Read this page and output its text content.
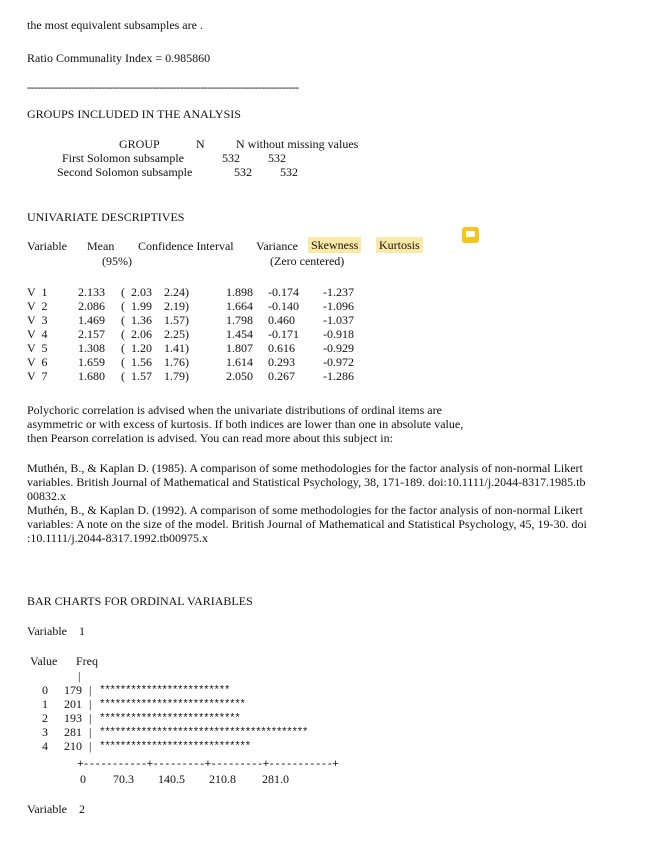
the most equivalent subsamples are .
Ratio Communality Index = 0.985860
--------------------------------------------------------------------------------
GROUPS INCLUDED IN THE ANALYSIS
GROUP	N	N without missing values
First Solomon subsample	532 532
Second Solomon subsample	532 532
UNIVARIATE DESCRIPTIVES
Variable Mean Confidence Interval
(95%)
Variance Skewness Kurtosis
(Zero centered)
V  1	2.133 (  2.03    2.24)	1.898 -0.174 -1.237
V  2	2.086 (  1.99    2.19)	1.664 -0.140 -1.096
V  3	1.469 (  1.36    1.57)	1.798 0.460 -1.037
V  4	2.157 (  2.06    2.25)	1.454 -0.171 -0.918
V  5	1.308 (  1.20    1.41)	1.807 0.616 -0.929
V  6	1.659 (  1.56    1.76)	1.614 0.293 -0.972
V  7	1.680 (  1.57    1.79)	2.050 0.267 -1.286
Polychoric correlation is advised when the univariate distributions of ordinal items are
asymmetric or with excess of kurtosis. If both indices are lower than one in absolute value,
then Pearson correlation is advised. You can read more about this subject in:
Muthén, B., & Kaplan D. (1985). A comparison of some methodologies for the factor analysis of non-normal Likert
variables. British Journal of Mathematical and Statistical Psychology, 38, 171-189. doi:10.1111/j.2044-8317.1985.tb
00832.x
Muthén, B., & Kaplan D. (1992). A comparison of some methodologies for the factor analysis of non-normal Likert
variables: A note on the size of the model. British Journal of Mathematical and Statistical Psychology, 45, 19-30. doi
:10.1111/j.2044-8317.1992.tb00975.x
BAR CHARTS FOR ORDINAL VARIABLES
Variable    1
Value Freq
|
0 179 | *************************
1 201 | ****************************
2 193 | ***************************
3 281 | ****************************************
4 210 | *****************************
+-----------+---------+---------+-----------+
0 70.3 140.5 210.8 281.0
Variable    2
